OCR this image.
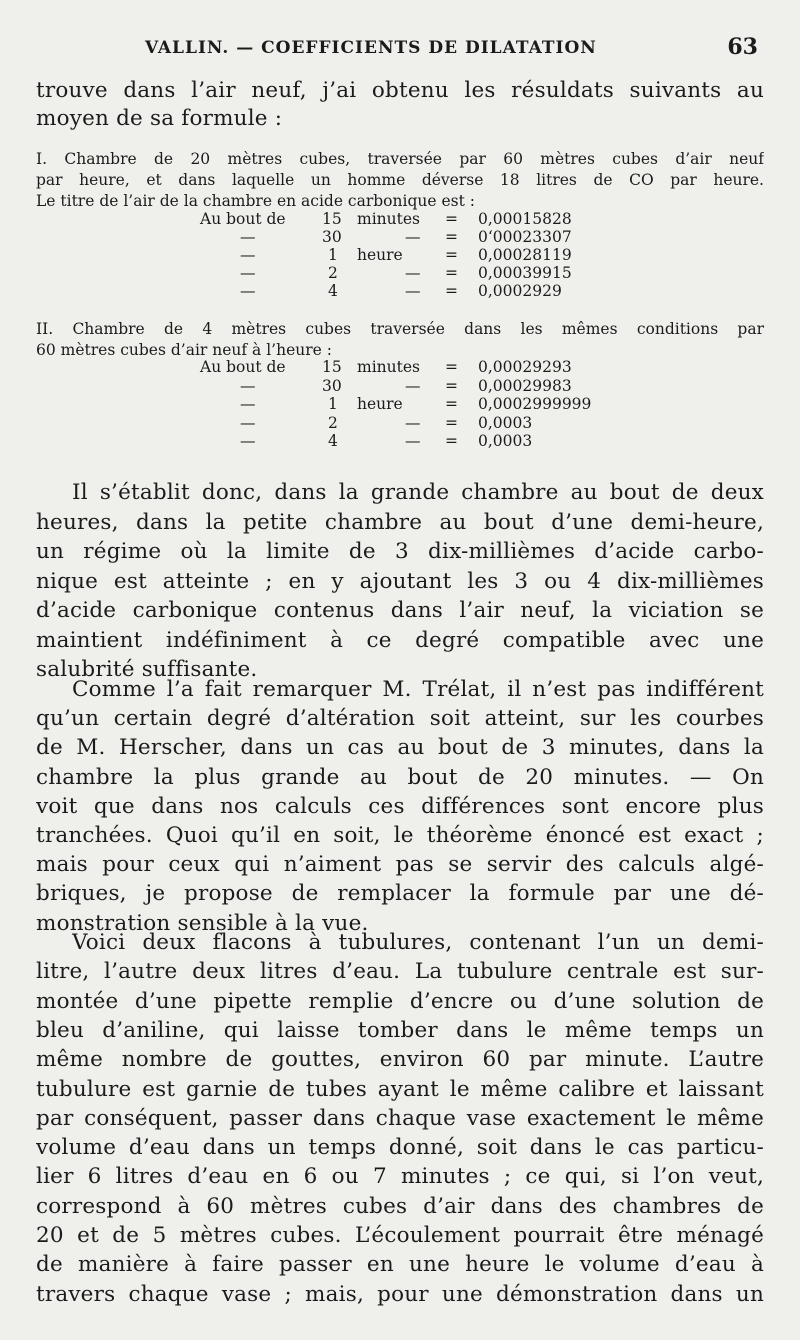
VALLIN. — COEFFICIENTS DE DILATATION	63
trouve dans l’air neuf, j’ai obtenu les résuldats suivants au
moyen de sa formule :
I. Chambre de 20 mètres cubes, traversée par 60 mètres cubes d’air neuf
par heure, et dans laquelle un homme déverse 18 litres de CO par heure.
Le titre de l’air de la chambre en acide carbonique est :
Au bout de 15 minutes = 0,00015828
—	30	— = 0‘00023307
—	1 heure	= 0,00028119
—	2	— = 0,00039915
—	4	— = 0,0002929
II. Chambre de 4 mètres cubes traversée dans les mêmes conditions par
60 mètres cubes d’air neuf à l’heure :
Au bout de 15 minutes = 0,00029293
—	30	— = 0,00029983
—	1 heure	= 0,0002999999
—	2	— = 0,0003
—	4	— = 0,0003
Il s’établit donc, dans la grande chambre au bout de deux
heures, dans la petite chambre au bout d’une demi-heure,
un régime où la limite de 3 dix-millièmes d’acide carbo-
nique est atteinte ; en y ajoutant les 3 ou 4 dix-millièmes
d’acide carbonique contenus dans l’air neuf, la viciation se
maintient indéfiniment à ce degré compatible avec une
salubrité suffisante.
Comme l’a fait remarquer M. Trélat, il n’est pas indifférent
qu’un certain degré d’altération soit atteint, sur les courbes
de M. Herscher, dans un cas au bout de 3 minutes, dans la
chambre la plus grande au bout de 20 minutes. — On
voit que dans nos calculs ces différences sont encore plus
tranchées. Quoi qu’il en soit, le théorème énoncé est exact ;
mais pour ceux qui n’aiment pas se servir des calculs algé-
briques, je propose de remplacer la formule par une dé-
monstration sensible à la vue.
Voici deux flacons à tubulures, contenant l’un un demi-
litre, l’autre deux litres d’eau. La tubulure centrale est sur-
montée d’une pipette remplie d’encre ou d’une solution de
bleu d’aniline, qui laisse tomber dans le même temps un
même nombre de gouttes, environ 60 par minute. L’autre
tubulure est garnie de tubes ayant le même calibre et laissant
par conséquent, passer dans chaque vase exactement le même
volume d’eau dans un temps donné, soit dans le cas particu-
lier 6 litres d’eau en 6 ou 7 minutes ; ce qui, si l’on veut,
correspond à 60 mètres cubes d’air dans des chambres de
20 et de 5 mètres cubes. L’écoulement pourrait être ménagé
de manière à faire passer en une heure le volume d’eau à
travers chaque vase ; mais, pour une démonstration dans un
